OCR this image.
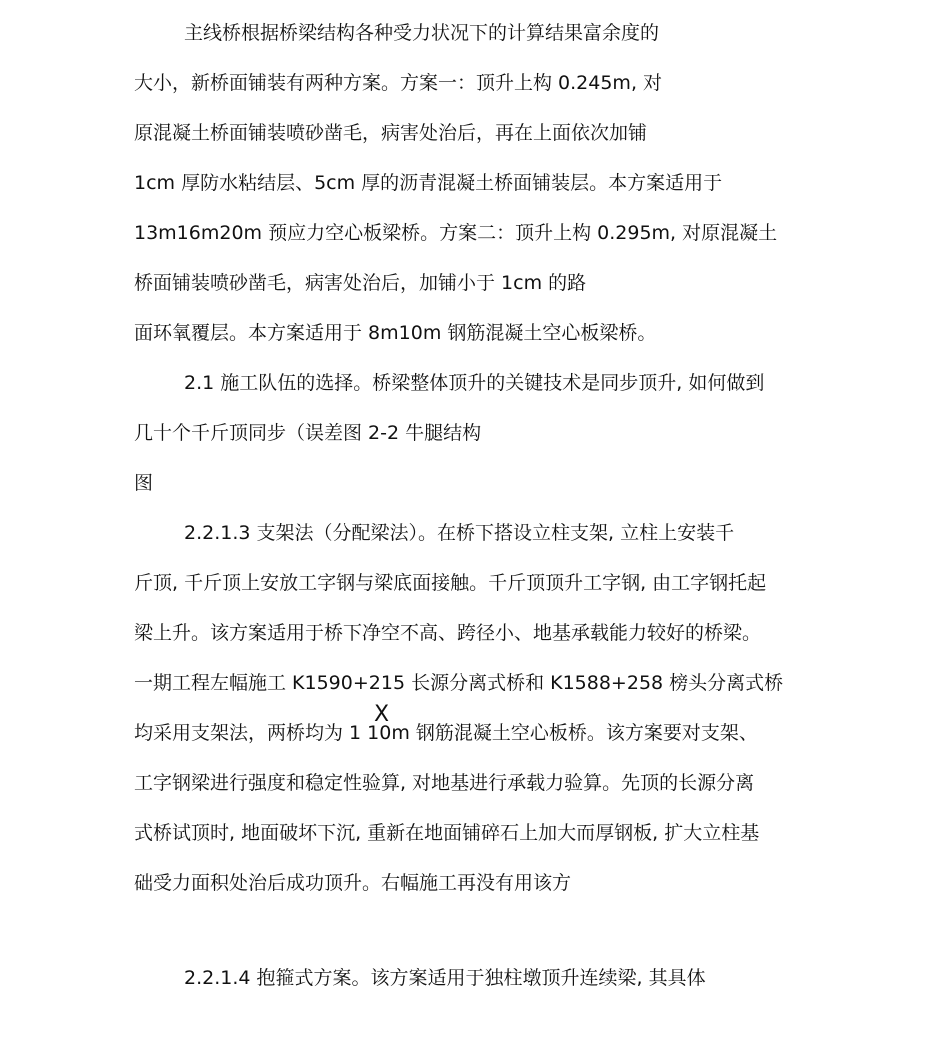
主线桥根据桥梁结构各种受力状况下的计算结果富余度的
大小，新桥面铺装有两种方案。方案一：顶升上构 0.245m, 对
原混凝土桥面铺装喷砂凿毛，病害处治后，再在上面依次加铺
1cm 厚防水粘结层、5cm 厚的沥青混凝土桥面铺装层。本方案适用于
13m16m20m 预应力空心板梁桥。方案二：顶升上构 0.295m, 对原混凝土
桥面铺装喷砂凿毛，病害处治后，加铺小于 1cm 的路
面环氧覆层。本方案适用于 8m10m 钢筋混凝土空心板梁桥。
2.1 施工队伍的选择。桥梁整体顶升的关键技术是同步顶升, 如何做到
几十个千斤顶同步（误差图 2-2 牛腿结构
图
2.2.1.3 支架法（分配梁法）。在桥下搭设立柱支架, 立柱上安装千
斤顶, 千斤顶上安放工字钢与梁底面接触。千斤顶顶升工字钢, 由工字钢托起
梁上升。该方案适用于桥下净空不高、跨径小、地基承载能力较好的桥梁。
一期工程左幅施工 K1590+215 长源分离式桥和 K1588+258 榜头分离式桥
X
均采用支架法，两桥均为 1 10m 钢筋混凝土空心板桥。该方案要对支架、
工字钢梁进行强度和稳定性验算, 对地基进行承载力验算。先顶的长源分离
式桥试顶时, 地面破坏下沉, 重新在地面铺碎石上加大而厚钢板, 扩大立柱基
础受力面积处治后成功顶升。右幅施工再没有用该方
2.2.1.4 抱箍式方案。该方案适用于独柱墩顶升连续梁, 其具体
